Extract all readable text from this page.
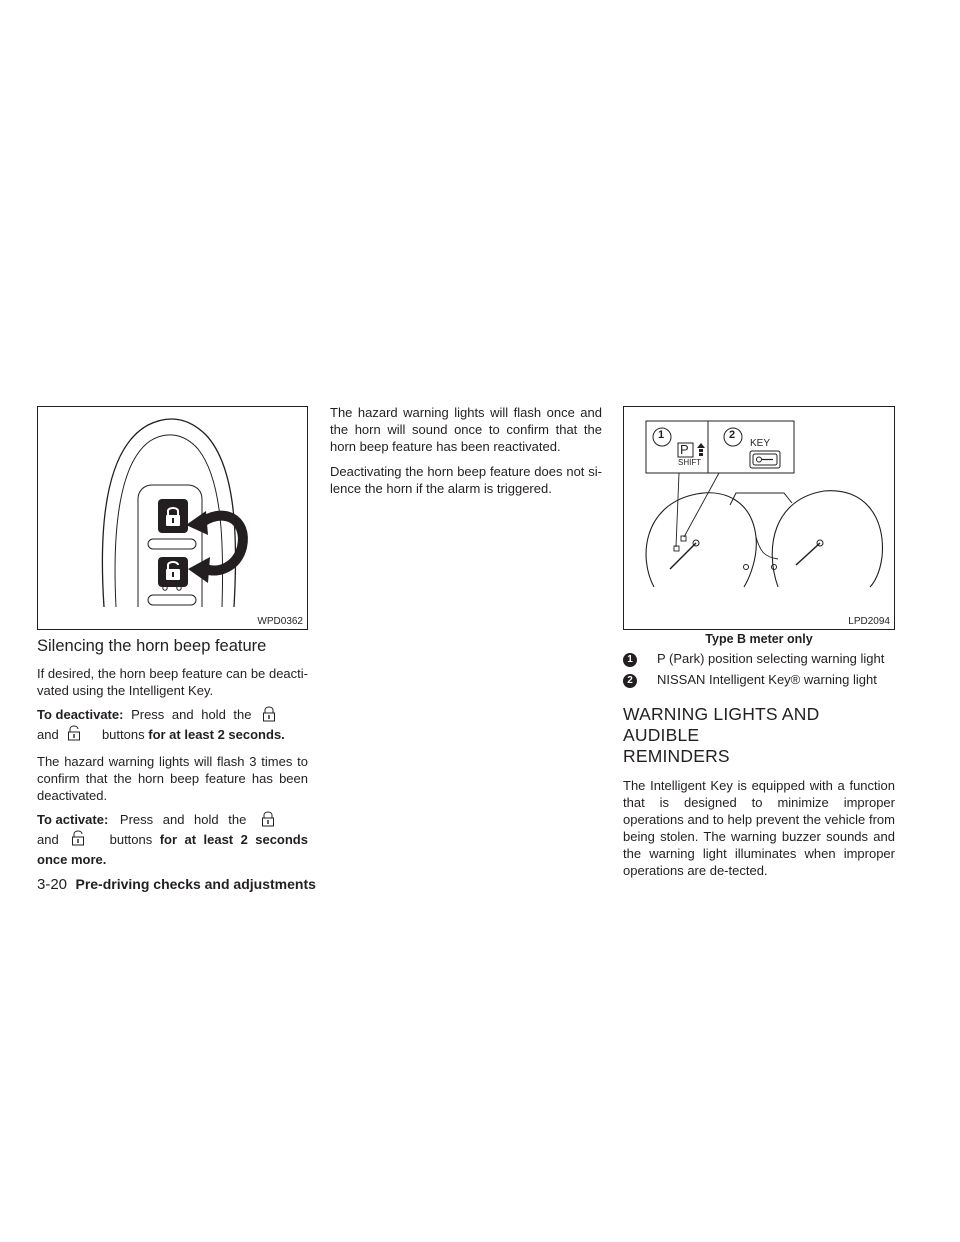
WPD0362
Silencing the horn beep feature

If desired, the horn beep feature can be deacti-vated using the Intelligent Key.

To deactivate: Press and hold the
and	buttons for at least 2 seconds.

The hazard warning lights will flash 3 times to confirm that the horn beep feature has been deactivated.

To activate: Press and hold the
and	buttons for at least 2 seconds once more.

The hazard warning lights will flash once and the horn will sound once to confirm that the horn beep feature has been reactivated.

Deactivating the horn beep feature does not si-lence the horn if the alarm is triggered.

1	2
P
SHIFT
KEY
LPD2094
Type B meter only
1	P (Park) position selecting warning light
2	NISSAN Intelligent Key® warning light
WARNING LIGHTS AND AUDIBLE
REMINDERS

The Intelligent Key is equipped with a function that is designed to minimize improper operations and to help prevent the vehicle from being stolen. The warning buzzer sounds and the warning light illuminates when improper operations are de-tected.

3-20 Pre-driving checks and adjustments
